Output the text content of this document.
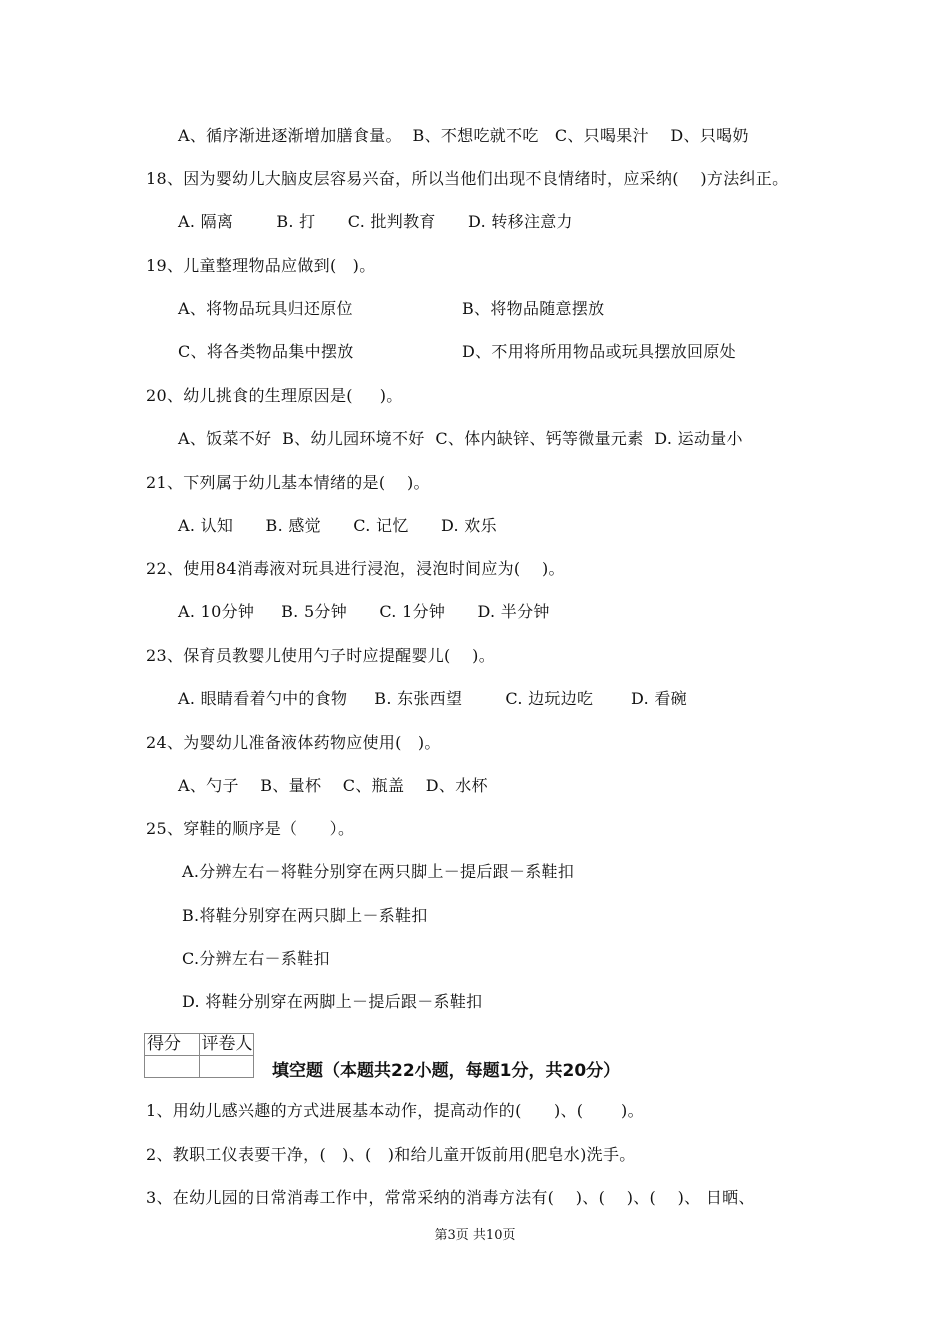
A、循序渐进逐渐增加膳食量。  B、不想吃就不吃   C、只喝果汁    D、只喝奶
18、因为婴幼儿大脑皮层容易兴奋，所以当他们出现不良情绪时，应采纳(    )方法纠正。
A. 隔离        B. 打      C. 批判教育      D. 转移注意力
19、儿童整理物品应做到(   )。
A、将物品玩具归还原位	B、将物品随意摆放
C、将各类物品集中摆放	D、不用将所用物品或玩具摆放回原处
20、幼儿挑食的生理原因是(     )。
A、饭菜不好  B、幼儿园环境不好  C、体内缺锌、钙等微量元素  D. 运动量小
21、下列属于幼儿基本情绪的是(    )。
A. 认知      B. 感觉      C. 记忆      D. 欢乐
22、使用84消毒液对玩具进行浸泡，浸泡时间应为(    )。
A. 10分钟     B. 5分钟      C. 1分钟      D. 半分钟
23、保育员教婴儿使用勺子时应提醒婴儿(    )。
A. 眼睛看着勺中的食物     B. 东张西望        C. 边玩边吃       D. 看碗
24、为婴幼儿准备液体药物应使用(   )。
A、勺子    B、量杯    C、瓶盖    D、水杯
25、穿鞋的顺序是（      ）。
A.分辨左右－将鞋分别穿在两只脚上－提后跟－系鞋扣
B.将鞋分别穿在两只脚上－系鞋扣
C.分辨左右－系鞋扣
D. 将鞋分别穿在两脚上－提后跟－系鞋扣
得分	评卷人

填空题（本题共22小题，每题1分，共20分）
1、用幼儿感兴趣的方式进展基本动作，提高动作的(      )、(       )。
2、教职工仪表要干净，(   )、(   )和给儿童开饭前用(肥皂水)洗手。
3、在幼儿园的日常消毒工作中，常常采纳的消毒方法有(    )、(    )、(    )、 日晒、
第3页 共10页
